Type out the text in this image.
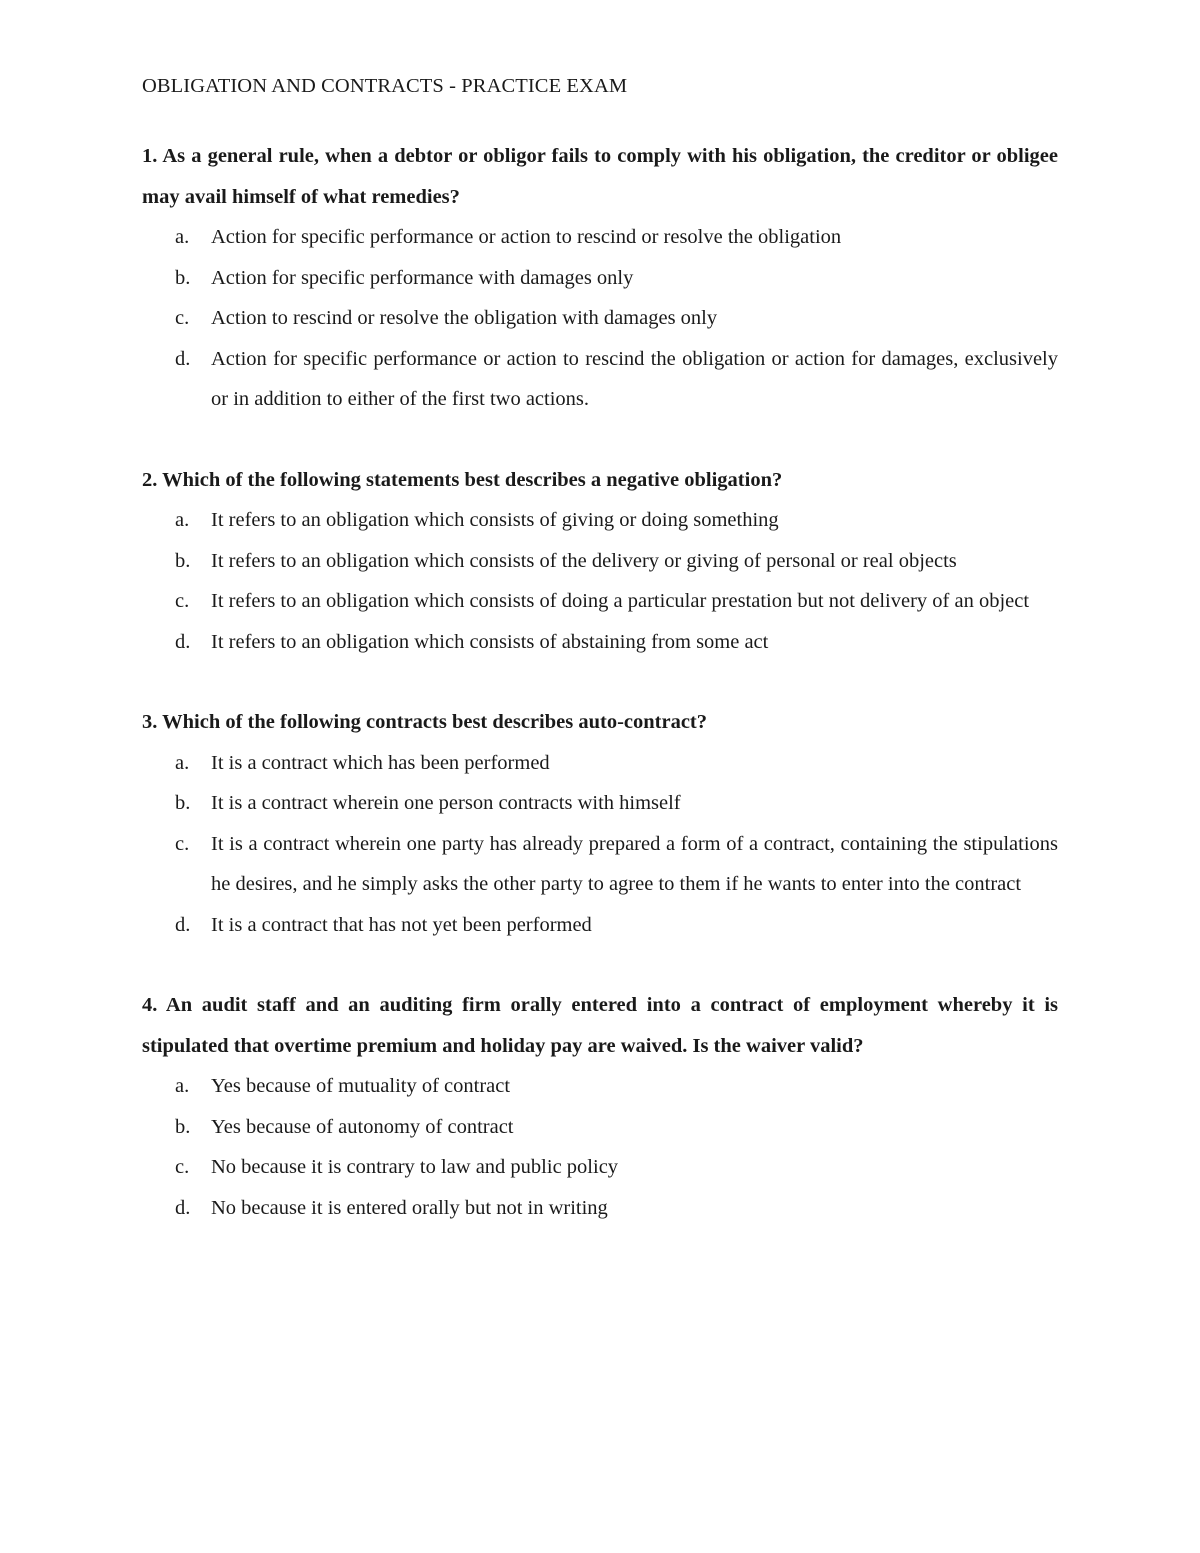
OBLIGATION AND CONTRACTS - PRACTICE EXAM

1. As a general rule, when a debtor or obligor fails to comply with his obligation, the creditor or obligee may avail himself of what remedies?

a.	Action for specific performance or action to rescind or resolve the obligation
b.	Action for specific performance with damages only
c.	Action to rescind or resolve the obligation with damages only
d.	Action for specific performance or action to rescind the obligation or action for damages, exclusively or in addition to either of the first two actions.

2. Which of the following statements best describes a negative obligation?

a.	It refers to an obligation which consists of giving or doing something
b.	It refers to an obligation which consists of the delivery or giving of personal or real objects
c.	It refers to an obligation which consists of doing a particular prestation but not delivery of an object
d.	It refers to an obligation which consists of abstaining from some act

3. Which of the following contracts best describes auto-contract?

a.	It is a contract which has been performed
b.	It is a contract wherein one person contracts with himself
c.	It is a contract wherein one party has already prepared a form of a contract, containing the stipulations he desires, and he simply asks the other party to agree to them if he wants to enter into the contract
d.	It is a contract that has not yet been performed

4. An audit staff and an auditing firm orally entered into a contract of employment whereby it is stipulated that overtime premium and holiday pay are waived. Is the waiver valid?

a.	Yes because of mutuality of contract
b.	Yes because of autonomy of contract
c.	No because it is contrary to law and public policy
d.	No because it is entered orally but not in writing
